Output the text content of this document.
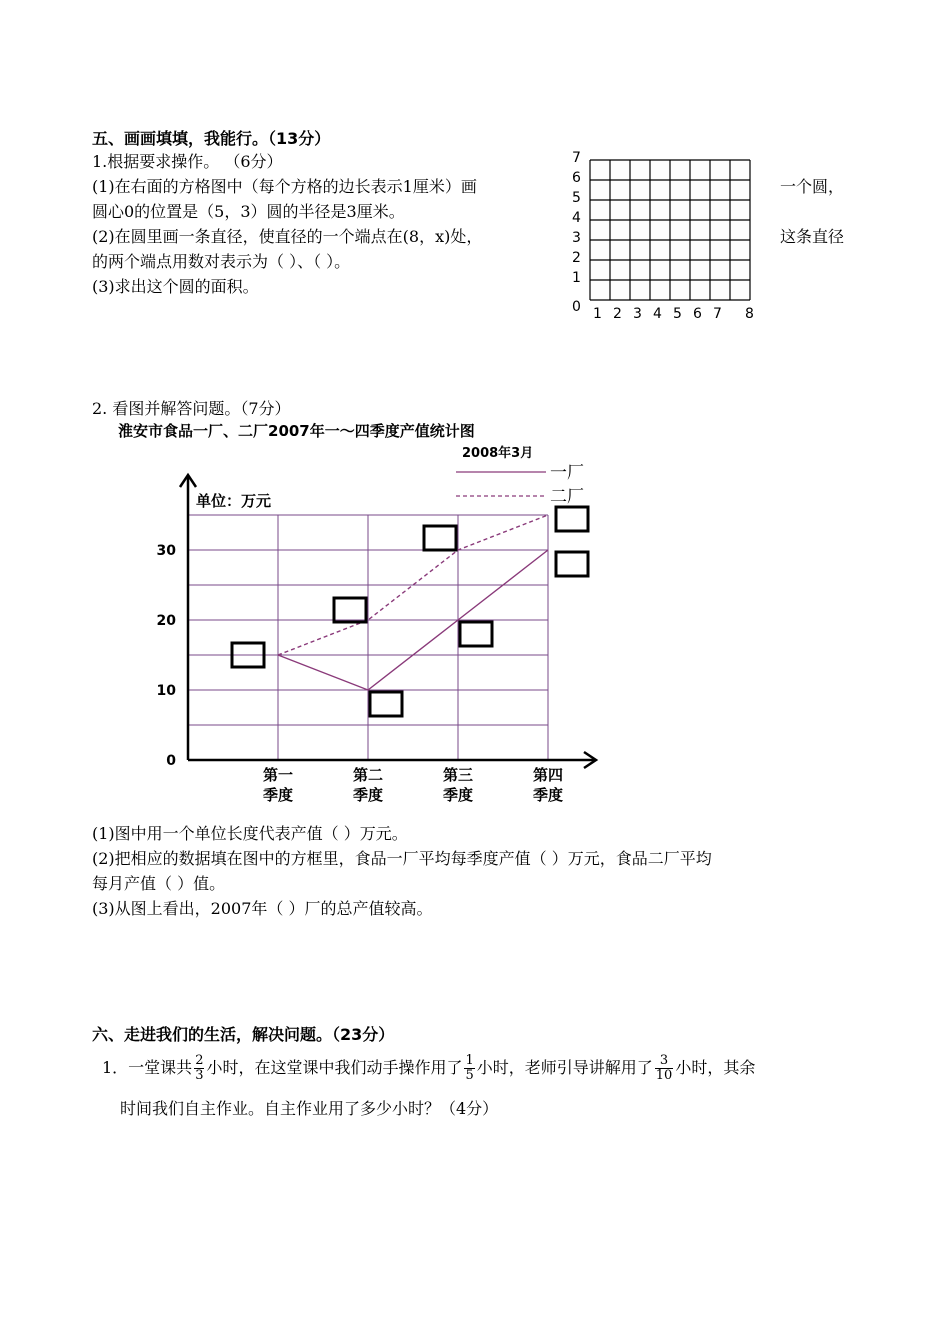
五、画画填填，我能行。（13分）
1.根据要求操作。 （6分）
(1)在右面的方格图中（每个方格的边长表示1厘米）画	一个圆，
圆心0的位置是（5，3）圆的半径是3厘米。
(2)在圆里画一条直径，使直径的一个端点在(8，x)处，	这条直径
的两个端点用数对表示为（ ）、（ ）。
(3)求出这个圆的面积。
7
6
5
4
3
2
1
0 1 2 3 4 5 6 7 8
2. 看图并解答问题。（7分）
淮安市食品一厂、二厂2007年一～四季度产值统计图
2008年3月
一厂
二厂
单位：万元
0
10
20
30
第一
季度
第二
季度
第三
季度
第四
季度
(1)图中用一个单位长度代表产值（ ）万元。
(2)把相应的数据填在图中的方框里，食品一厂平均每季度产值（ ）万元，食品二厂平均
每月产值（ ）值。
(3)从图上看出，2007年（ ）厂的总产值较高。
六、走进我们的生活，解决问题。（23分）
1．一堂课共 $\frac{2}{3}$ 小时，在这堂课中我们动手操作用了 $\frac{1}{5}$ 小时，老师引导讲解用了 $\frac{3}{10}$ 小时，其余
时间我们自主作业。自主作业用了多少小时？（4分）
